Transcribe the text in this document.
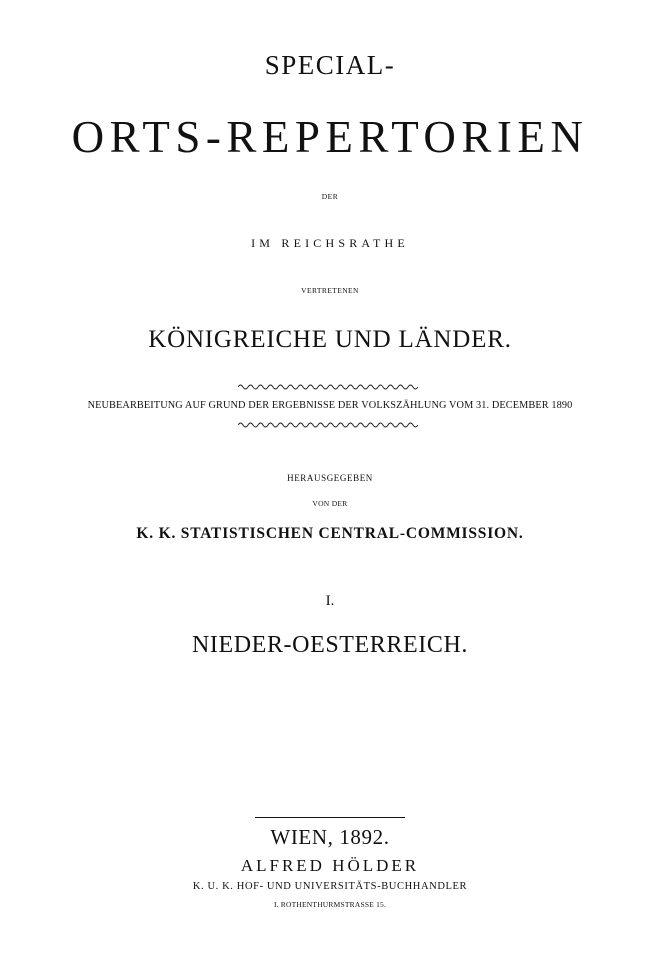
SPECIAL-
ORTS-REPERTORIEN
DER
IM REICHSRATHE
VERTRETENEN
KÖNIGREICHE UND LÄNDER.
NEUBEARBEITUNG AUF GRUND DER ERGEBNISSE DER VOLKSZÄHLUNG VOM 31. DECEMBER 1890
HERAUSGEGEBEN
VON DER
K. K. STATISTISCHEN CENTRAL-COMMISSION.
I.
NIEDER-OESTERREICH.
WIEN, 1892.
ALFRED HÖLDER
K. U. K. HOF- UND UNIVERSITÄTS-BUCHHANDLER
I. ROTHENTHURMSTRASSE 15.
